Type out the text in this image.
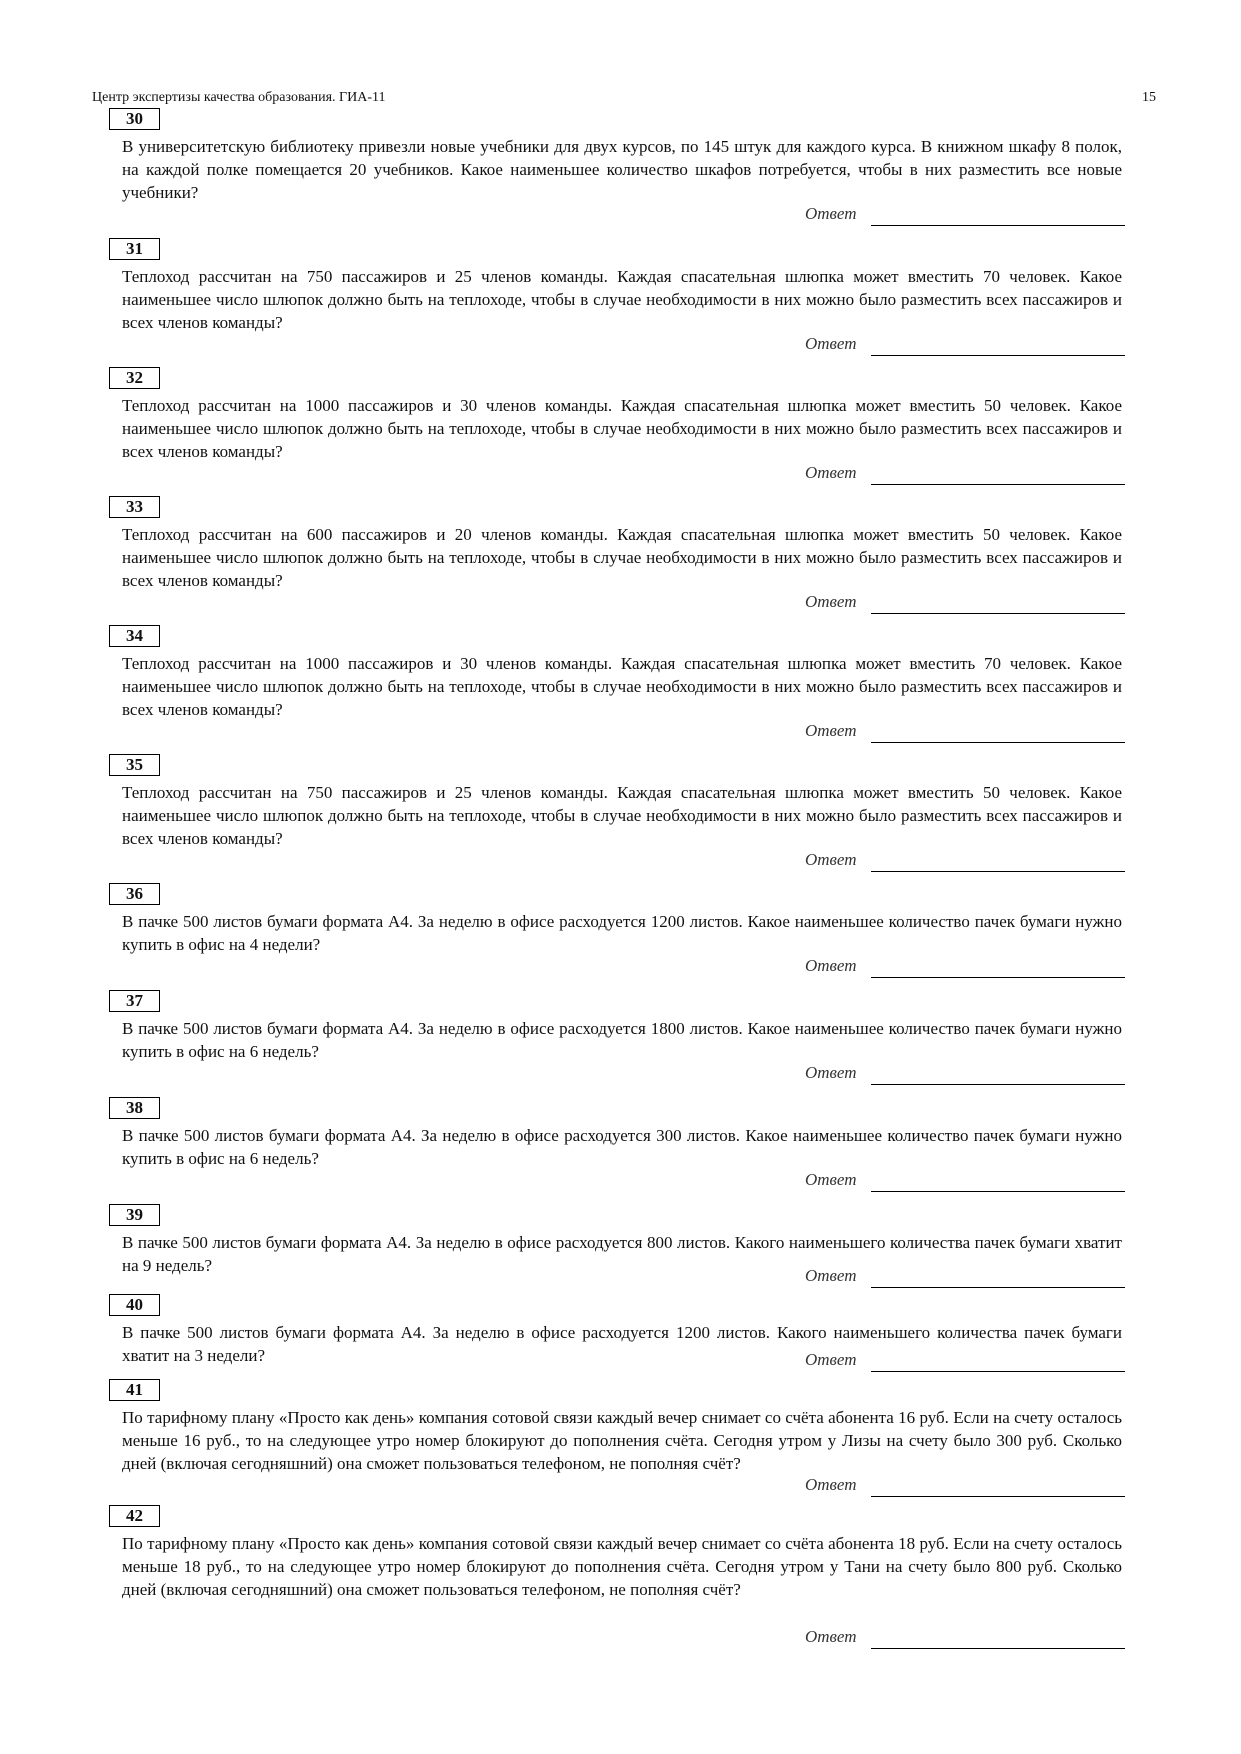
Центр экспертизы качества образования. ГИА-11	15
30
В университетскую библиотеку привезли новые учебники для двух курсов, по 145 штук для каждого курса. В книжном шкафу 8 полок, на каждой полке помещается 20 учебников. Какое наименьшее количество шкафов потребуется, чтобы в них разместить все новые учебники?
Ответ
31
Теплоход рассчитан на 750 пассажиров и 25 членов команды. Каждая спасательная шлюпка может вместить 70 человек. Какое наименьшее число шлюпок должно быть на теплоходе, чтобы в случае необходимости в них можно было разместить всех пассажиров и всех членов команды?
Ответ
32
Теплоход рассчитан на 1000 пассажиров и 30 членов команды. Каждая спасательная шлюпка может вместить 50 человек. Какое наименьшее число шлюпок должно быть на теплоходе, чтобы в случае необходимости в них можно было разместить всех пассажиров и всех членов команды?
Ответ
33
Теплоход рассчитан на 600 пассажиров и 20 членов команды. Каждая спасательная шлюпка может вместить 50 человек. Какое наименьшее число шлюпок должно быть на теплоходе, чтобы в случае необходимости в них можно было разместить всех пассажиров и всех членов команды?
Ответ
34
Теплоход рассчитан на 1000 пассажиров и 30 членов команды. Каждая спасательная шлюпка может вместить 70 человек. Какое наименьшее число шлюпок должно быть на теплоходе, чтобы в случае необходимости в них можно было разместить всех пассажиров и всех членов команды?
Ответ
35
Теплоход рассчитан на 750 пассажиров и 25 членов команды. Каждая спасательная шлюпка может вместить 50 человек. Какое наименьшее число шлюпок должно быть на теплоходе, чтобы в случае необходимости в них можно было разместить всех пассажиров и всех членов команды?
Ответ
36
В пачке 500 листов бумаги формата А4. За неделю в офисе расходуется 1200 листов. Какое наименьшее количество пачек бумаги нужно купить в офис на 4 недели?
Ответ
37
В пачке 500 листов бумаги формата А4. За неделю в офисе расходуется 1800 листов. Какое наименьшее количество пачек бумаги нужно купить в офис на 6 недель?
Ответ
38
В пачке 500 листов бумаги формата А4. За неделю в офисе расходуется 300 листов. Какое наименьшее количество пачек бумаги нужно купить в офис на 6 недель?
Ответ
39
В пачке 500 листов бумаги формата А4. За неделю в офисе расходуется 800 листов. Какого наименьшего количества пачек бумаги хватит на 9 недель?
Ответ
40
В пачке 500 листов бумаги формата А4. За неделю в офисе расходуется 1200 листов. Какого наименьшего количества пачек бумаги хватит на 3 недели?	Ответ
41
По тарифному плану «Просто как день» компания сотовой связи каждый вечер снимает со счёта абонента 16 руб. Если на счету осталось меньше 16 руб., то на следующее утро номер блокируют до пополнения счёта. Сегодня утром у Лизы на счету было 300 руб. Сколько дней (включая сегодняшний) она сможет пользоваться телефоном, не пополняя счёт?
Ответ
42
По тарифному плану «Просто как день» компания сотовой связи каждый вечер снимает со счёта абонента 18 руб. Если на счету осталось меньше 18 руб., то на следующее утро номер блокируют до пополнения счёта. Сегодня утром у Тани на счету было 800 руб. Сколько дней (включая сегодняшний) она сможет пользоваться телефоном, не пополняя счёт?
Ответ
